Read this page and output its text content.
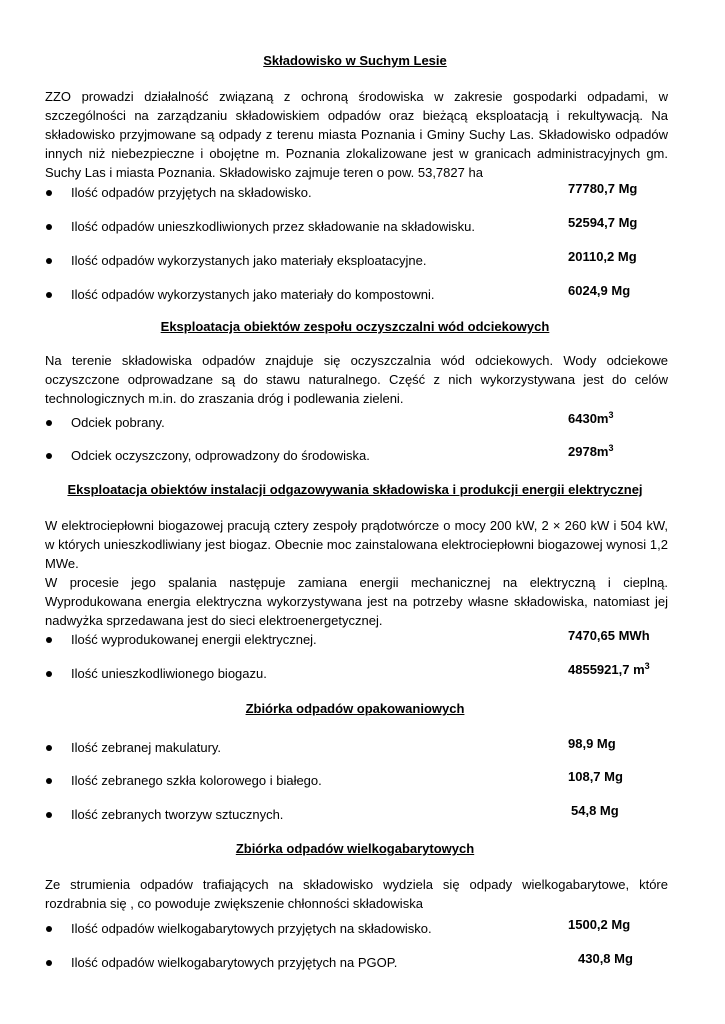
Składowisko w Suchym Lesie

ZZO prowadzi działalność związaną z ochroną środowiska w zakresie gospodarki odpadami, w szczególności na zarządzaniu składowiskiem odpadów oraz bieżącą eksploatacją i rekultywacją. Na składowisko przyjmowane są odpady z terenu miasta Poznania i Gminy Suchy Las. Składowisko odpadów innych niż niebezpieczne i obojętne m. Poznania zlokalizowane jest w granicach administracyjnych gm. Suchy Las i miasta Poznania. Składowisko zajmuje teren o pow. 53,7827 ha

Ilość odpadów przyjętych na składowisko.	77780,7 Mg
Ilość odpadów unieszkodliwionych przez składowanie na składowisku.	52594,7 Mg
Ilość odpadów wykorzystanych jako materiały eksploatacyjne.	20110,2 Mg
Ilość odpadów wykorzystanych jako materiały do kompostowni.	6024,9 Mg
Eksploatacja obiektów zespołu oczyszczalni wód odciekowych

Na terenie składowiska odpadów znajduje się oczyszczalnia wód odciekowych. Wody odciekowe oczyszczone odprowadzane są do stawu naturalnego. Część z nich wykorzystywana jest do celów technologicznych m.in. do zraszania dróg i podlewania zieleni.

Odciek pobrany.	$6430m^3$
Odciek oczyszczony, odprowadzony do środowiska.	$2978m^3$
Eksploatacja obiektów instalacji odgazowywania składowiska i produkcji energii elektrycznej

W elektrociepłowni biogazowej pracują cztery zespoły prądotwórcze o mocy 200 kW, 2 × 260 kW i 504 kW, w których unieszkodliwiany jest biogaz. Obecnie moc zainstalowana elektrociepłowni biogazowej wynosi 1,2 MWe.

W procesie jego spalania następuje zamiana energii mechanicznej na elektryczną i cieplną. Wyprodukowana energia elektryczna wykorzystywana jest na potrzeby własne składowiska, natomiast jej nadwyżka sprzedawana jest do sieci elektroenergetycznej.

Ilość wyprodukowanej energii elektrycznej.	7470,65 MWh
Ilość unieszkodliwionego biogazu.	4855921,7 $m^3$
Zbiórka odpadów opakowaniowych
Ilość zebranej makulatury.	98,9 Mg
Ilość zebranego szkła kolorowego i białego.	108,7 Mg
Ilość zebranych tworzyw sztucznych.	54,8 Mg
Zbiórka odpadów wielkogabarytowych

Ze strumienia odpadów trafiających na składowisko wydziela się odpady wielkogabarytowe, które rozdrabnia się , co powoduje zwiększenie chłonności składowiska

Ilość odpadów wielkogabarytowych przyjętych na składowisko.	1500,2 Mg
Ilość odpadów wielkogabarytowych przyjętych na PGOP.	430,8 Mg
